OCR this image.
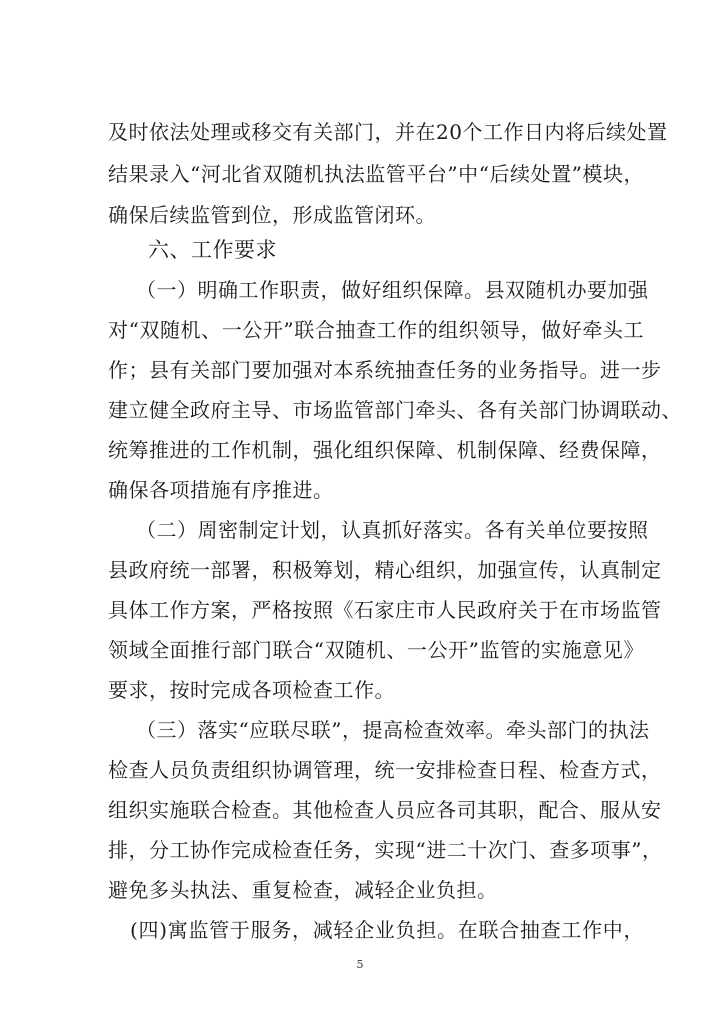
及时依法处理或移交有关部门，并在20个工作日内将后续处置
结果录入“河北省双随机执法监管平台”中“后续处置”模块，
确保后续监管到位，形成监管闭环。
六、工作要求
（一）明确工作职责，做好组织保障。县双随机办要加强
对“双随机、一公开”联合抽查工作的组织领导，做好牵头工
作；县有关部门要加强对本系统抽查任务的业务指导。进一步
建立健全政府主导、市场监管部门牵头、各有关部门协调联动、
统筹推进的工作机制，强化组织保障、机制保障、经费保障，
确保各项措施有序推进。
（二）周密制定计划，认真抓好落实。各有关单位要按照
县政府统一部署，积极筹划，精心组织，加强宣传，认真制定
具体工作方案，严格按照《石家庄市人民政府关于在市场监管
领域全面推行部门联合“双随机、一公开”监管的实施意见》
要求，按时完成各项检查工作。
（三）落实“应联尽联”，提高检查效率。牵头部门的执法
检查人员负责组织协调管理，统一安排检查日程、检查方式，
组织实施联合检查。其他检查人员应各司其职，配合、服从安
排，分工协作完成检查任务，实现“进二十次门、查多项事”，
避免多头执法、重复检查，减轻企业负担。
(四)寓监管于服务，减轻企业负担。在联合抽查工作中，
5
